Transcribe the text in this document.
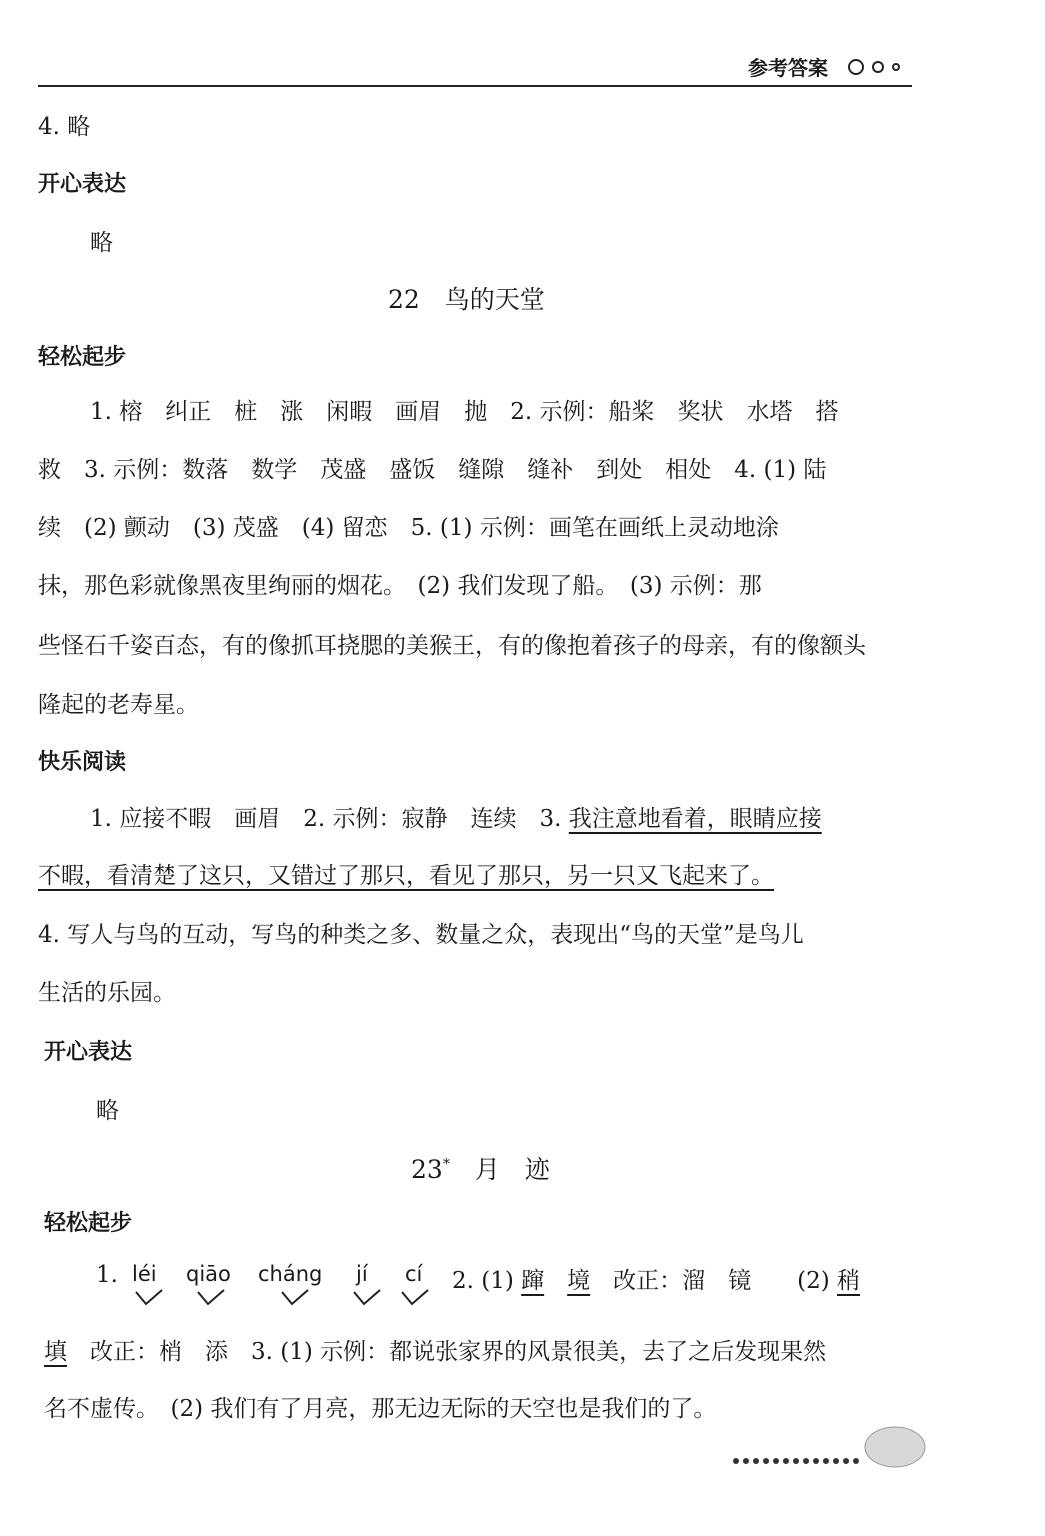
参考答案
4. 略
开心表达
略
22　鸟的天堂
轻松起步
1. 榕　纠正　桩　涨　闲暇　画眉　抛　2. 示例：船桨　奖状　水塔　搭
救　3. 示例：数落　数学　茂盛　盛饭　缝隙　缝补　到处　相处　4. (1) 陆
续　(2) 颤动　(3) 茂盛　(4) 留恋　5. (1) 示例：画笔在画纸上灵动地涂
抹，那色彩就像黑夜里绚丽的烟花。　(2) 我们发现了船。　(3) 示例：那
些怪石千姿百态，有的像抓耳挠腮的美猴王，有的像抱着孩子的母亲，有的像额头
隆起的老寿星。
快乐阅读
1. 应接不暇　画眉　2. 示例：寂静　连续　3. 我注意地看着，眼睛应接
不暇，看清楚了这只，又错过了那只，看见了那只，另一只又飞起来了。
4. 写人与鸟的互动，写鸟的种类之多、数量之众，表现出“鸟的天堂”是鸟儿
生活的乐园。
开心表达
略
23*　 月　迹
轻松起步
1. léi qiāo cháng jí cí 2. (1) 蹿　 境　改正：溜　镜　　(2) 稍
填　改正：梢　添　3. (1) 示例：都说张家界的风景很美，去了之后发现果然
名不虚传。　(2) 我们有了月亮，那无边无际的天空也是我们的了。
